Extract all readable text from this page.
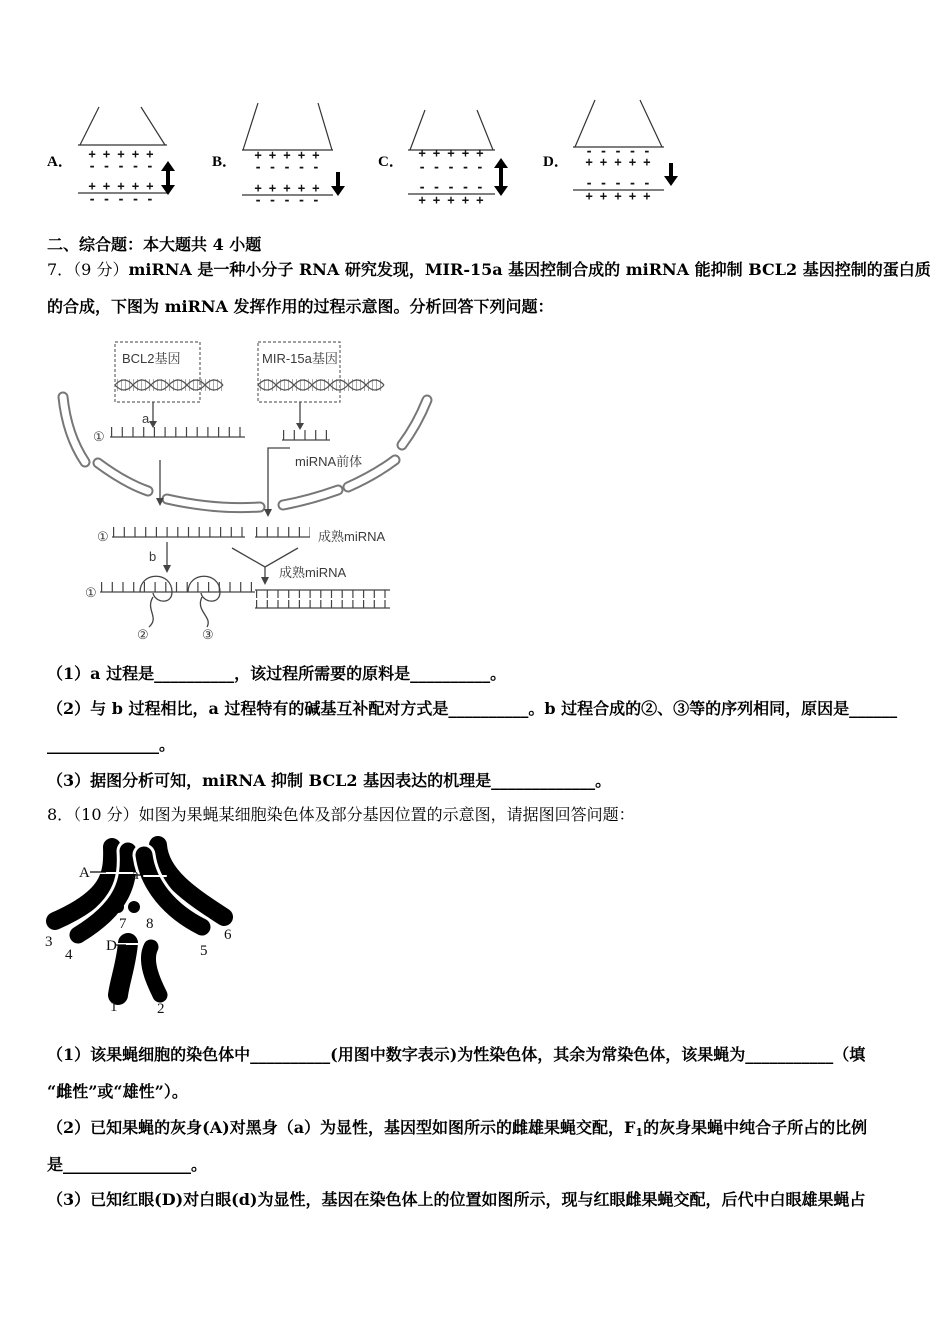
A． + + + + +
- - - - -
+ + + + +
- - - - -
B． + + + + +
- - - - -
+ + + + +
- - - - -
C．
+ + + + +
- - - - -
- - - - -
+ + + + +
D．
- - - - -
+ + + + +
- - - - -
+ + + + +
二、综合题：本大题共 4 小题
7．（9 分）miRNA 是一种小分子 RNA 研究发现，MIR-15a 基因控制合成的 miRNA 能抑制 BCL2 基因控制的蛋白质
的合成，下图为 miRNA 发挥作用的过程示意图。分析回答下列问题：
BCL2基因	MIR-15a基因
a
①
miRNA前体
①	成熟miRNA
b
成熟miRNA
①
②	③
（1）a 过程是__________，该过程所需要的原料是__________。
（2）与 b 过程相比，a 过程特有的碱基互补配对方式是__________。b 过程合成的②、③等的序列相同，原因是______
______________。
（3）据图分析可知，miRNA 抑制 BCL2 基因表达的机理是_____________。
8．（10 分）如图为果蝇某细胞染色体及部分基因位置的示意图，请据图回答问题：
A	a
D
3
4
6
5
7 8
1	2
（1）该果蝇细胞的染色体中__________(用图中数字表示)为性染色体，其余为常染色体，该果蝇为___________（填
“雌性”或“雄性”）。
（2）已知果蝇的灰身(A)对黑身（a）为显性，基因型如图所示的雌雄果蝇交配，$F_1$的灰身果蝇中纯合子所占的比例
是________________。
（3）已知红眼(D)对白眼(d)为显性，基因在染色体上的位置如图所示，现与红眼雌果蝇交配，后代中白眼雄果蝇占
